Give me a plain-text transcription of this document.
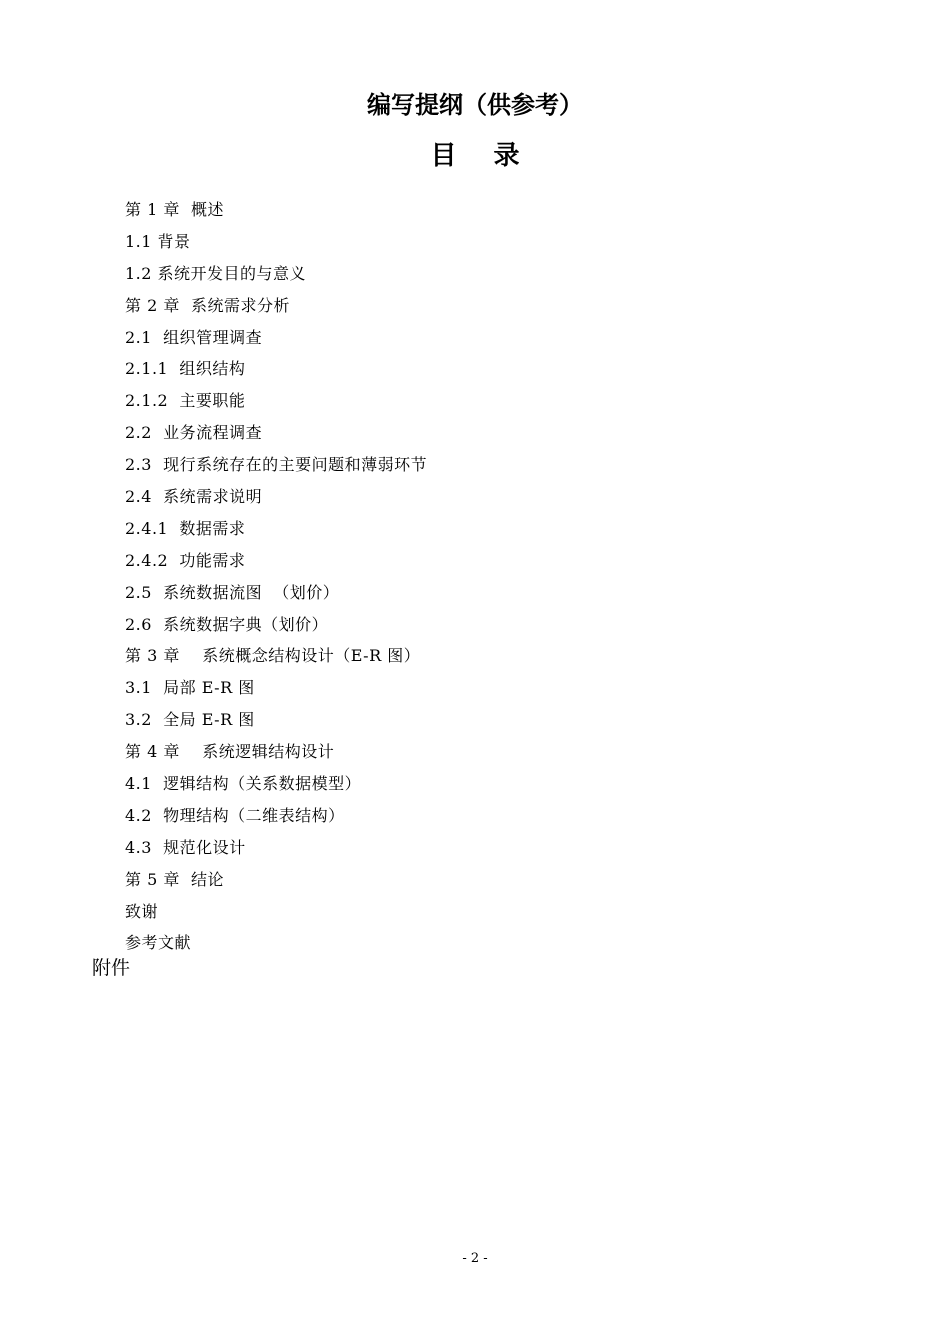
编写提纲（供参考）
目 录
第 1 章  概述
1.1 背景
1.2 系统开发目的与意义
第 2 章  系统需求分析
2.1  组织管理调查
2.1.1  组织结构
2.1.2  主要职能
2.2  业务流程调查
2.3  现行系统存在的主要问题和薄弱环节
2.4  系统需求说明
2.4.1  数据需求
2.4.2  功能需求
2.5  系统数据流图  （划价）
2.6  系统数据字典（划价）
第 3 章    系统概念结构设计（E-R 图）
3.1  局部 E-R 图
3.2  全局 E-R 图
第 4 章    系统逻辑结构设计
4.1  逻辑结构（关系数据模型）
4.2  物理结构（二维表结构）
4.3  规范化设计
第 5 章  结论
致谢
参考文献
附件
- 2 -
